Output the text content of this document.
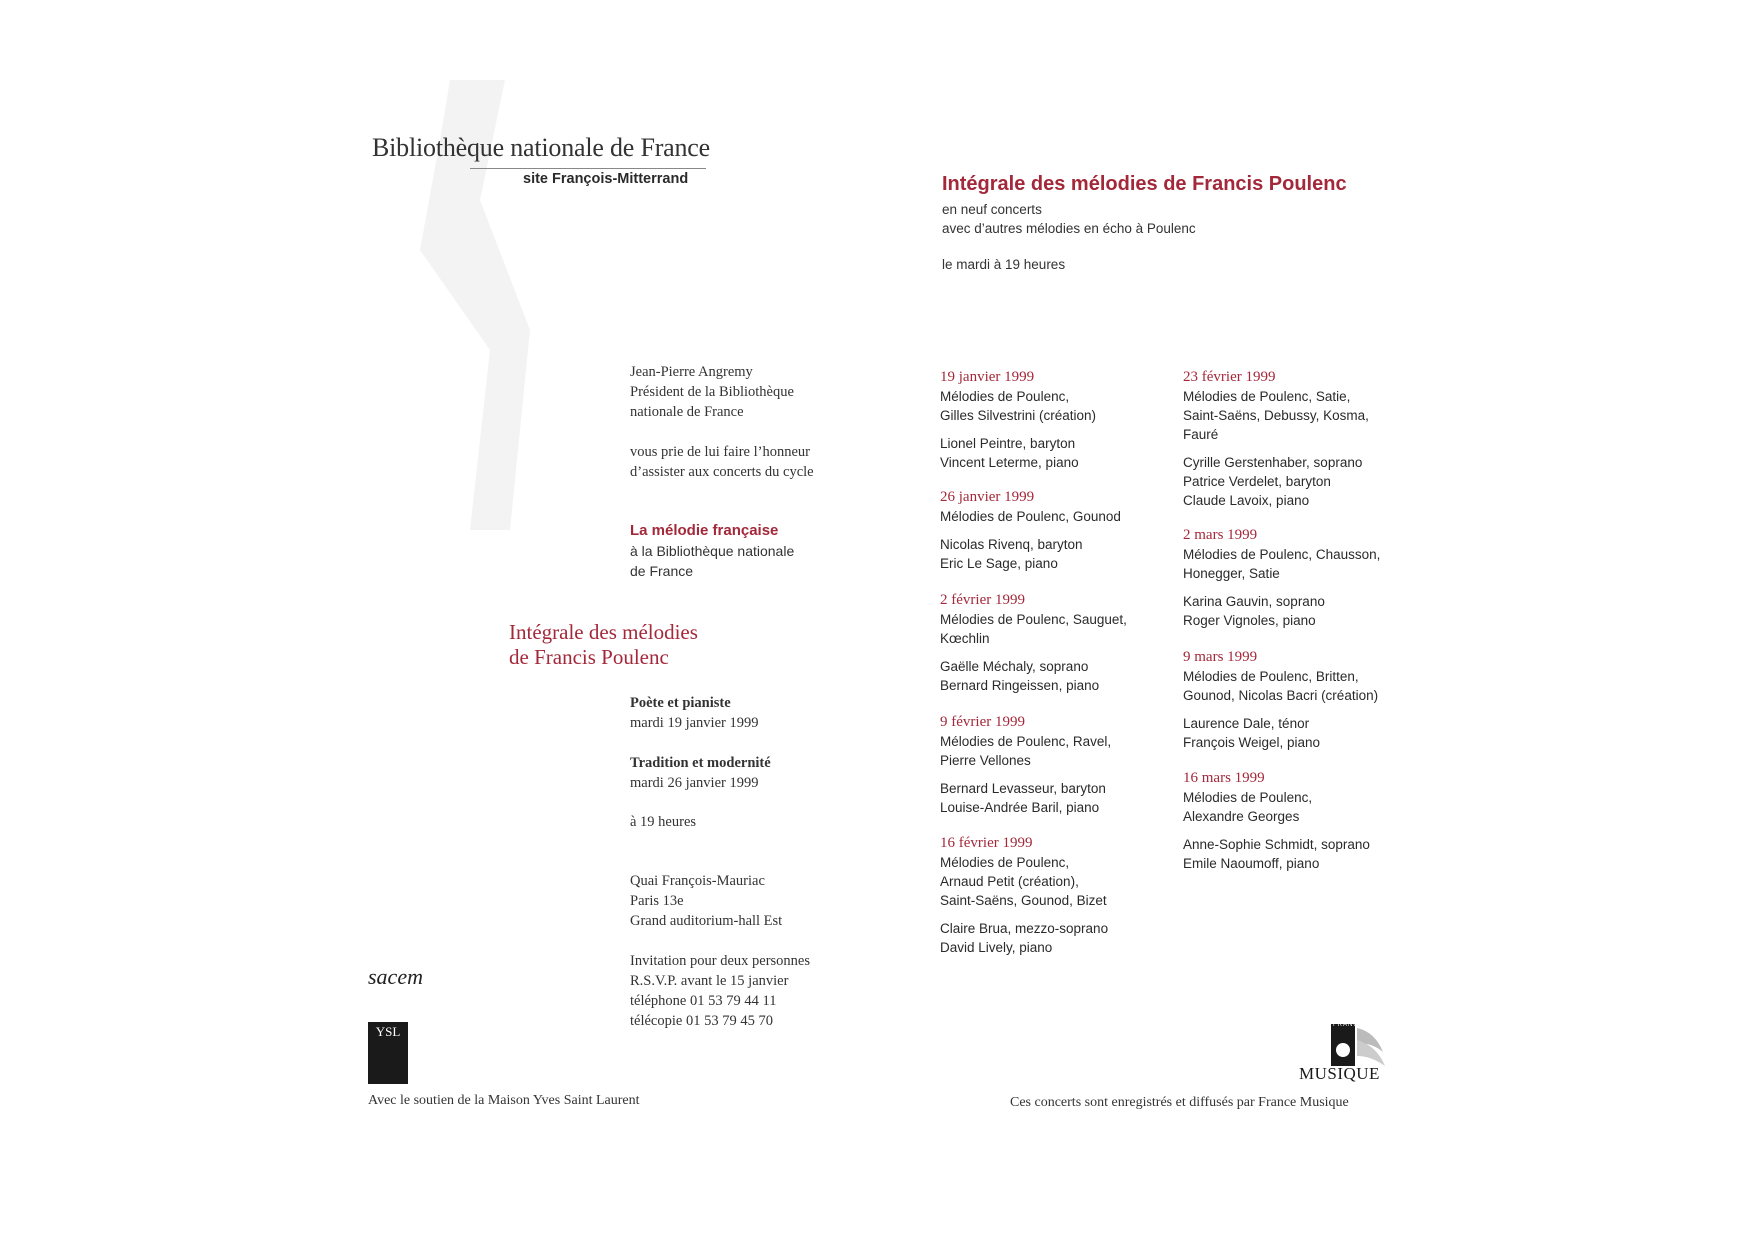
Bibliothèque nationale de France
site François-Mitterrand	Intégrale des mélodies de Francis Poulenc
en neuf concerts
avec d’autres mélodies en écho à Poulenc
le mardi à 19 heures
Jean-Pierre Angremy
Président de la Bibliothèque
nationale de France
vous prie de lui faire l’honneur
d’assister aux concerts du cycle
La mélodie française
à la Bibliothèque nationale
de France
Intégrale des mélodies
de Francis Poulenc
Poète et pianiste
mardi 19 janvier 1999
Tradition et modernité
mardi 26 janvier 1999
à 19 heures
Quai François-Mauriac
Paris 13e
Grand auditorium-hall Est
Invitation pour deux personnes
R.S.V.P. avant le 15 janvier
téléphone 01 53 79 44 11
télécopie 01 53 79 45 70
19 janvier 1999
Mélodies de Poulenc,
Gilles Silvestrini (création)
Lionel Peintre, baryton
Vincent Leterme, piano
26 janvier 1999
Mélodies de Poulenc, Gounod
Nicolas Rivenq, baryton
Eric Le Sage, piano
2 février 1999
Mélodies de Poulenc, Sauguet,
Kœchlin
Gaëlle Méchaly, soprano
Bernard Ringeissen, piano
9 février 1999
Mélodies de Poulenc, Ravel,
Pierre Vellones
Bernard Levasseur, baryton
Louise-Andrée Baril, piano
16 février 1999
Mélodies de Poulenc,
Arnaud Petit (création),
Saint-Saëns, Gounod, Bizet
Claire Brua, mezzo-soprano
David Lively, piano
23 février 1999
Mélodies de Poulenc, Satie,
Saint-Saëns, Debussy, Kosma,
Fauré
Cyrille Gerstenhaber, soprano
Patrice Verdelet, baryton
Claude Lavoix, piano
2 mars 1999
Mélodies de Poulenc, Chausson,
Honegger, Satie
Karina Gauvin, soprano
Roger Vignoles, piano
9 mars 1999
Mélodies de Poulenc, Britten,
Gounod, Nicolas Bacri (création)
Laurence Dale, ténor
François Weigel, piano
16 mars 1999
Mélodies de Poulenc,
Alexandre Georges
Anne-Sophie Schmidt, soprano
Emile Naoumoff, piano
sacem
YSL
Avec le soutien de la Maison Yves Saint Laurent
FRANCE
MUSIQUE
Ces concerts sont enregistrés et diffusés par France Musique
